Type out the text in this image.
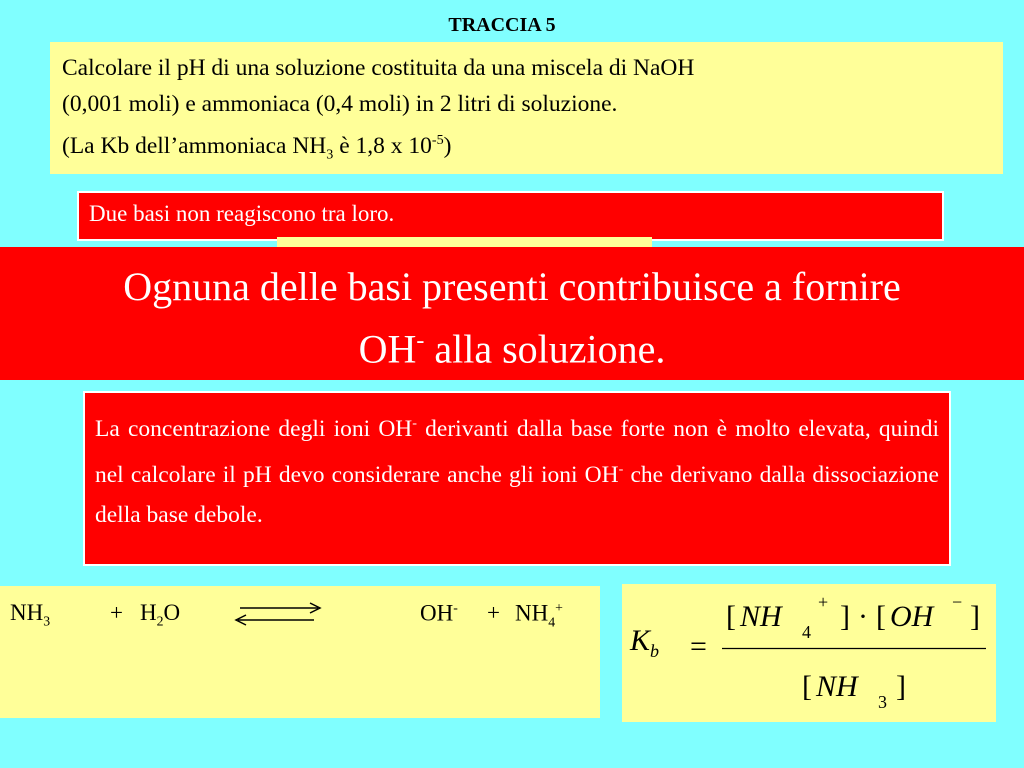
TRACCIA 5
Calcolare il pH di una soluzione costituita da una miscela di NaOH
(0,001 moli) e ammoniaca (0,4 moli) in 2 litri di soluzione.
(La Kb dell’ammoniaca $NH_3$ è 1,8 x $10^{-5}$)
Due basi non reagiscono tra loro.
Ognuna delle basi presenti contribuisce a fornire
OH- alla soluzione.
La concentrazione degli ioni OH- derivanti dalla base forte non è molto elevata, quindi nel calcolare il pH devo considerare anche gli ioni OH- che derivano dalla dissociazione della base debole.
$NH_3$	+ $H_2O$	$OH^- + NH_4^+$
$K_b$ =
[ NH 4
+ ] · [ OH − ]
[ NH 3 ]
